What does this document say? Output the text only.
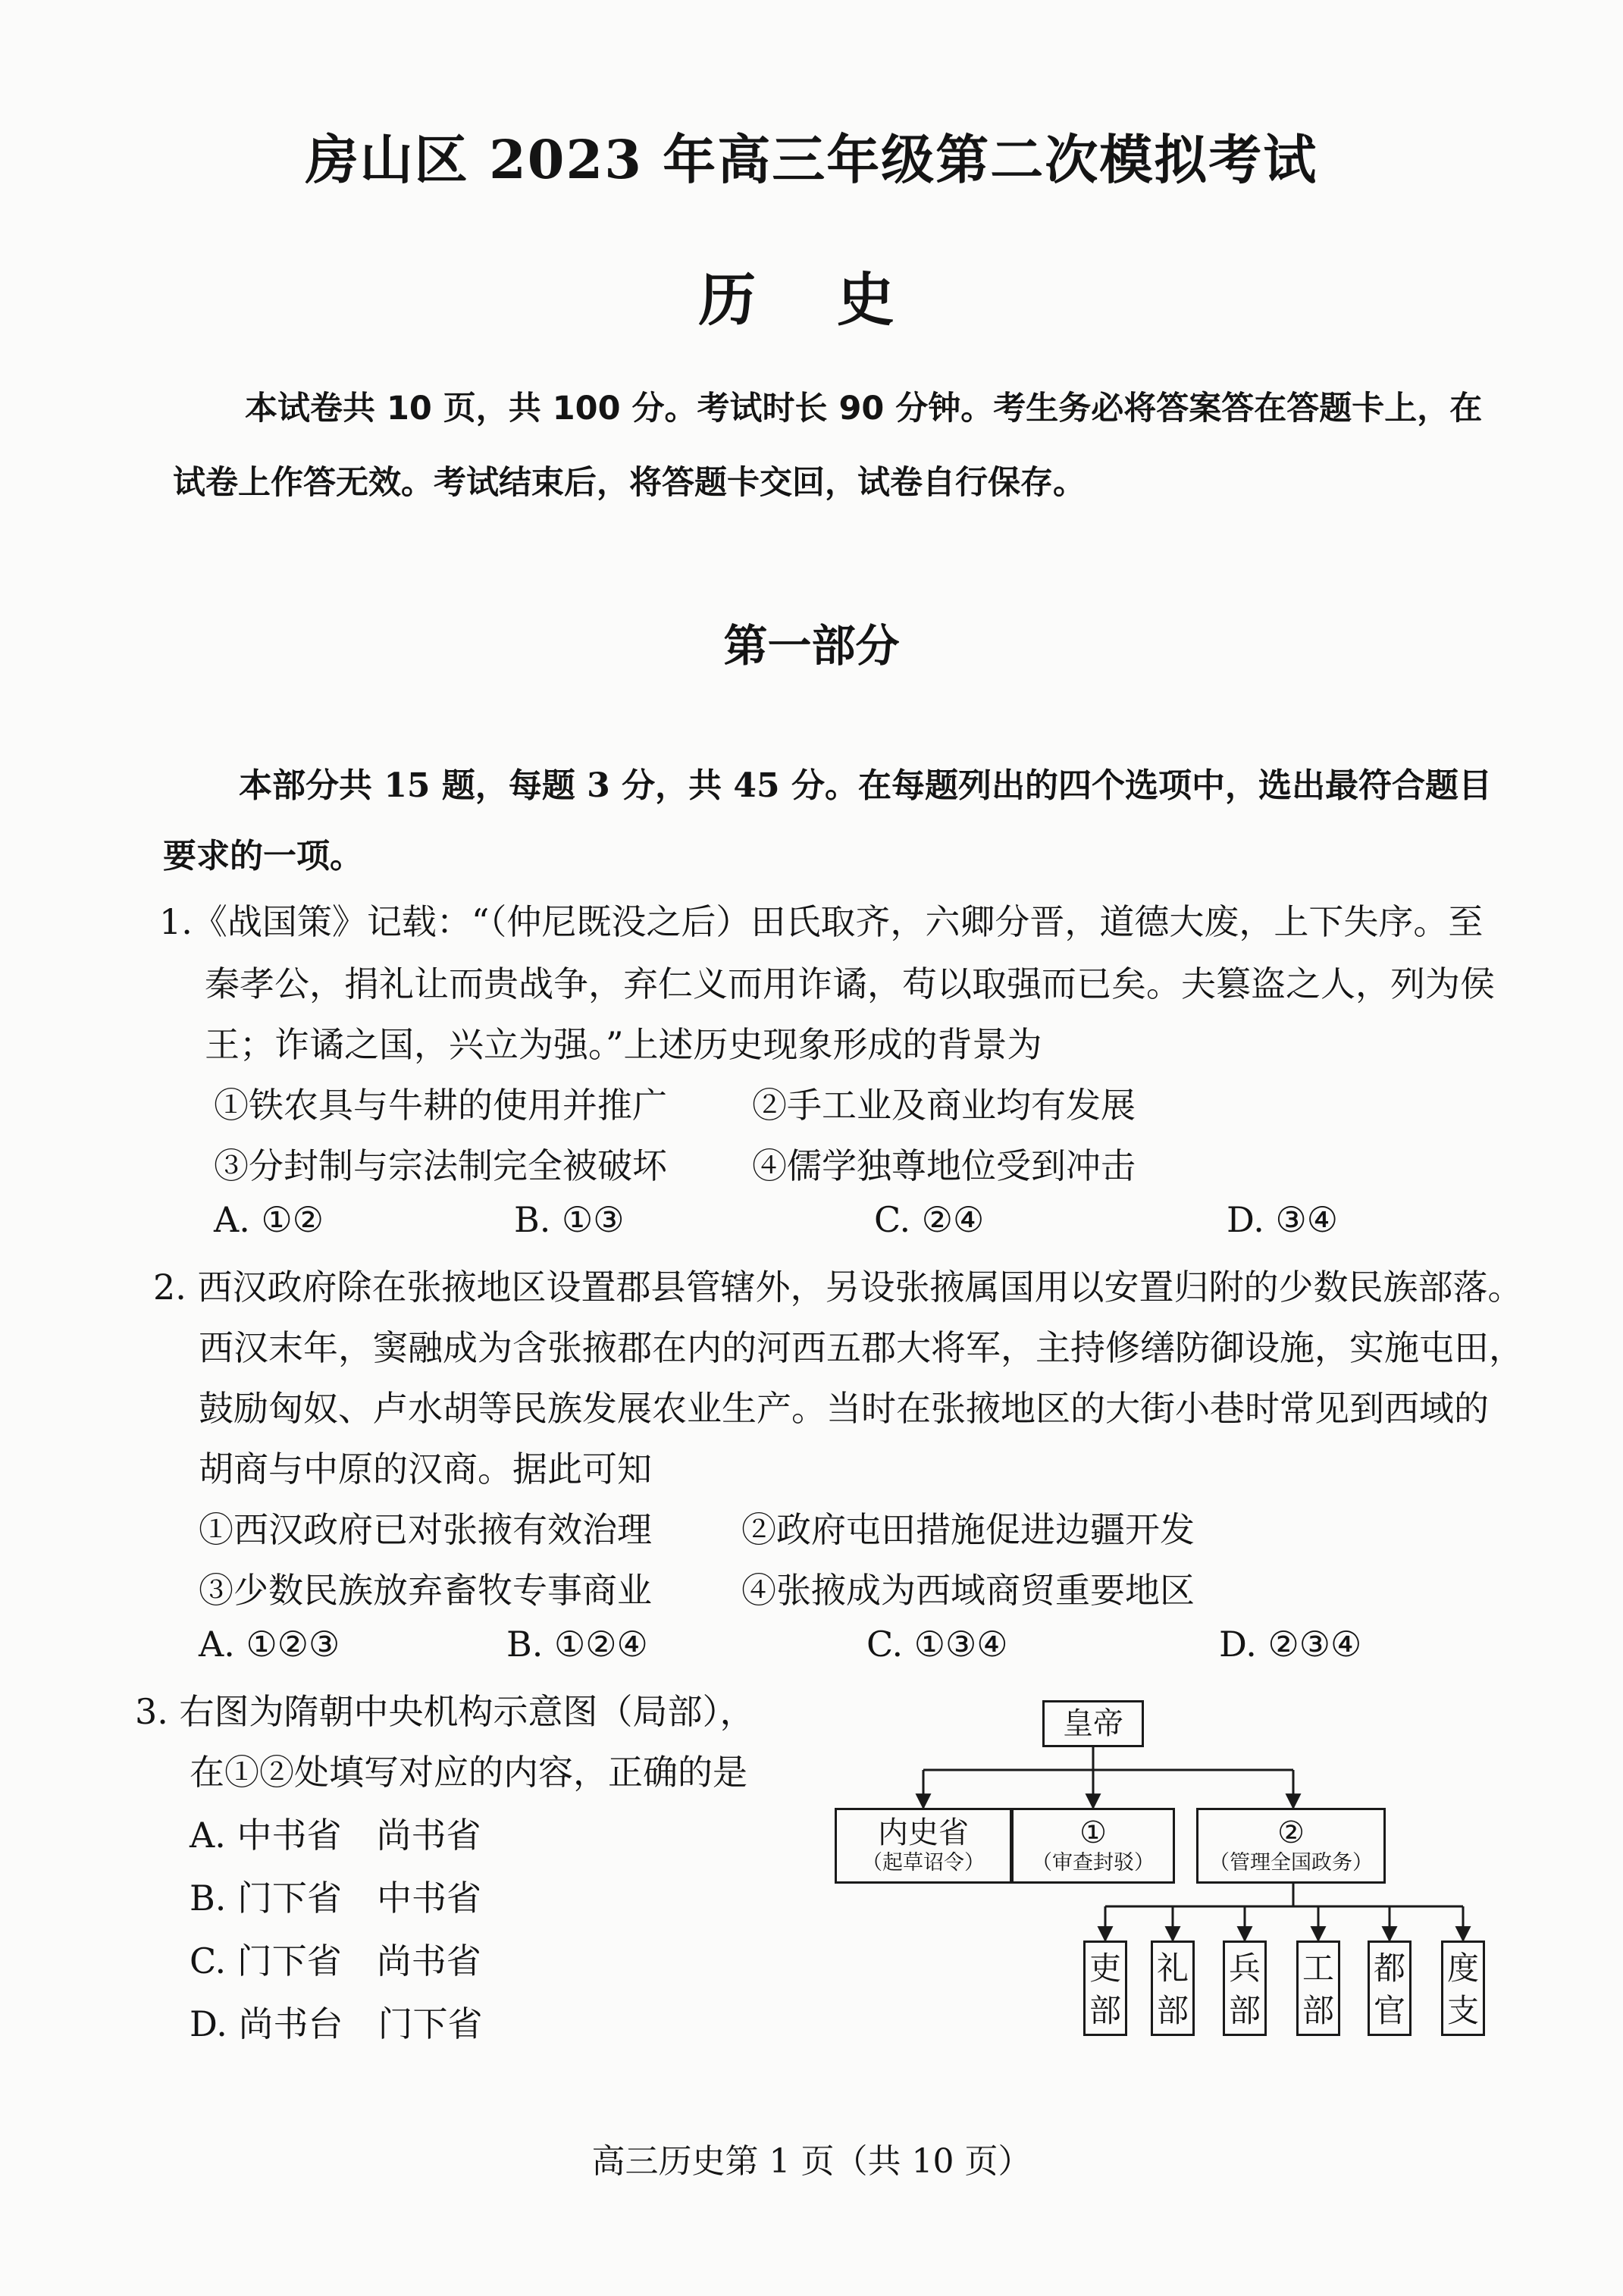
房山区 2023 年高三年级第二次模拟考试
历 史
本试卷共 10 页，共 100 分。考试时长 90 分钟。考生务必将答案答在答题卡上，在
试卷上作答无效。考试结束后，将答题卡交回，试卷自行保存。
第一部分
本部分共 15 题，每题 3 分，共 45 分。在每题列出的四个选项中，选出最符合题目
要求的一项。
1.《战国策》记载：“（仲尼既没之后）田氏取齐，六卿分晋，道德大废，上下失序。至
秦孝公，捐礼让而贵战争，弃仁义而用诈谲，苟以取强而已矣。夫篡盗之人，列为侯
王；诈谲之国，兴立为强。”上述历史现象形成的背景为
①铁农具与牛耕的使用并推广 ②手工业及商业均有发展
③分封制与宗法制完全被破坏 ④儒学独尊地位受到冲击
A. ①②	B. ①③	C. ②④	D. ③④
2. 西汉政府除在张掖地区设置郡县管辖外，另设张掖属国用以安置归附的少数民族部落。
西汉末年，窦融成为含张掖郡在内的河西五郡大将军，主持修缮防御设施，实施屯田，
鼓励匈奴、卢水胡等民族发展农业生产。当时在张掖地区的大街小巷时常见到西域的
胡商与中原的汉商。据此可知
①西汉政府已对张掖有效治理	②政府屯田措施促进边疆开发
③少数民族放弃畜牧专事商业	④张掖成为西域商贸重要地区
A. ①②③	B. ①②④	C. ①③④	D. ②③④
3. 右图为隋朝中央机构示意图（局部），
在①②处填写对应的内容，正确的是
A. 中书省　尚书省
B. 门下省　中书省
C. 门下省　尚书省
D. 尚书台　门下省
皇帝
内史省
（起草诏令）
①
（审查封驳）
②
（管理全国政务）
吏部
礼部
兵部
工部
都官
度支
高三历史第 1 页（共 10 页）
